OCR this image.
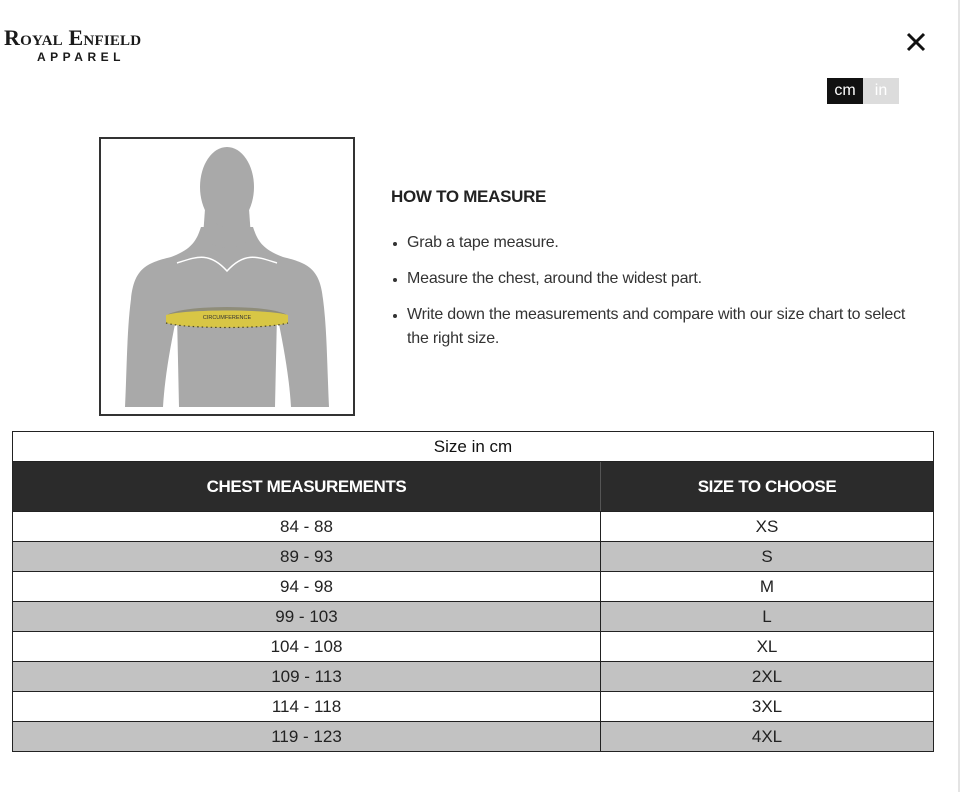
Royal Enfield
APPAREL
cm	in
CIRCUMFERENCE
HOW TO MEASURE
Grab a tape measure.
Measure the chest, around the widest part.
Write down the measurements and compare with our size chart to select the right size.
Size in cm	
CHEST MEASUREMENTS	SIZE TO CHOOSE
84 - 88	XS
89 - 93	S
94 - 98	M
99 - 103	L
104 - 108	XL
109 - 113	2XL
114 - 118	3XL
119 - 123	4XL
